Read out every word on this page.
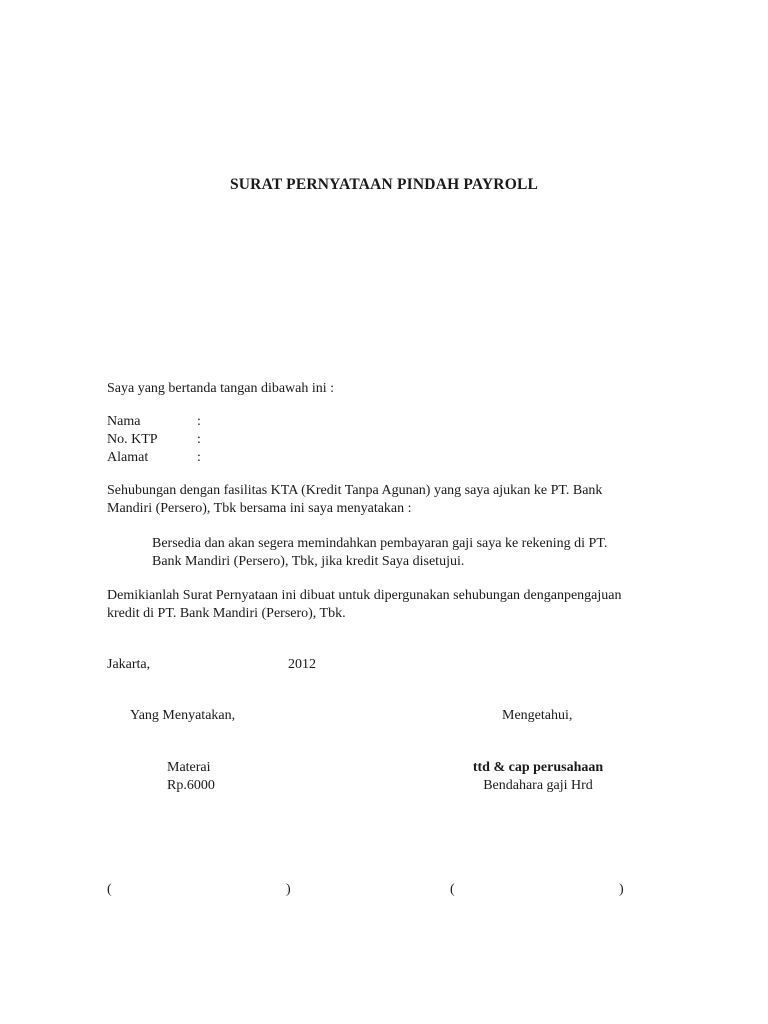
SURAT PERNYATAAN PINDAH PAYROLL
Saya yang bertanda tangan dibawah ini :
Nama	:
No. KTP	:
Alamat	:
Sehubungan dengan fasilitas KTA (Kredit Tanpa Agunan) yang saya ajukan ke PT. Bank
Mandiri (Persero), Tbk bersama ini saya menyatakan :
Bersedia dan akan segera memindahkan pembayaran gaji saya ke rekening di PT.
Bank Mandiri (Persero), Tbk, jika kredit Saya disetujui.
Demikianlah Surat Pernyataan ini dibuat untuk dipergunakan sehubungan denganpengajuan
kredit di PT. Bank Mandiri (Persero), Tbk.
Jakarta,	2012
Yang Menyatakan,	Mengetahui,
Materai
Rp.6000
ttd & cap perusahaan
Bendahara gaji Hrd
(	)	(	)
